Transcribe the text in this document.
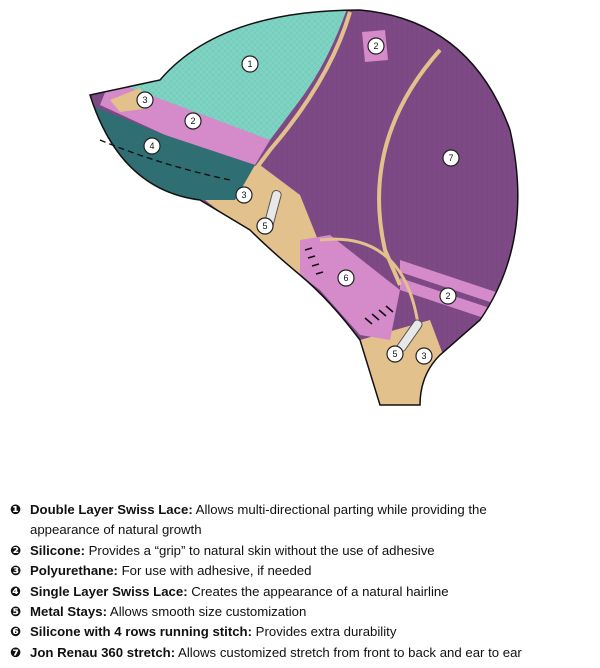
1
2
2
2
3
3
3
4
5
5
6
7
❶ Double Layer Swiss Lace: Allows multi-directional parting while providing the
appearance of natural growth
❷ Silicone: Provides a “grip” to natural skin without the use of adhesive
❸ Polyurethane: For use with adhesive, if needed
❹ Single Layer Swiss Lace: Creates the appearance of a natural hairline
❺ Metal Stays: Allows smooth size customization
❻ Silicone with 4 rows running stitch: Provides extra durability
❼ Jon Renau 360 stretch: Allows customized stretch from front to back and ear to ear
